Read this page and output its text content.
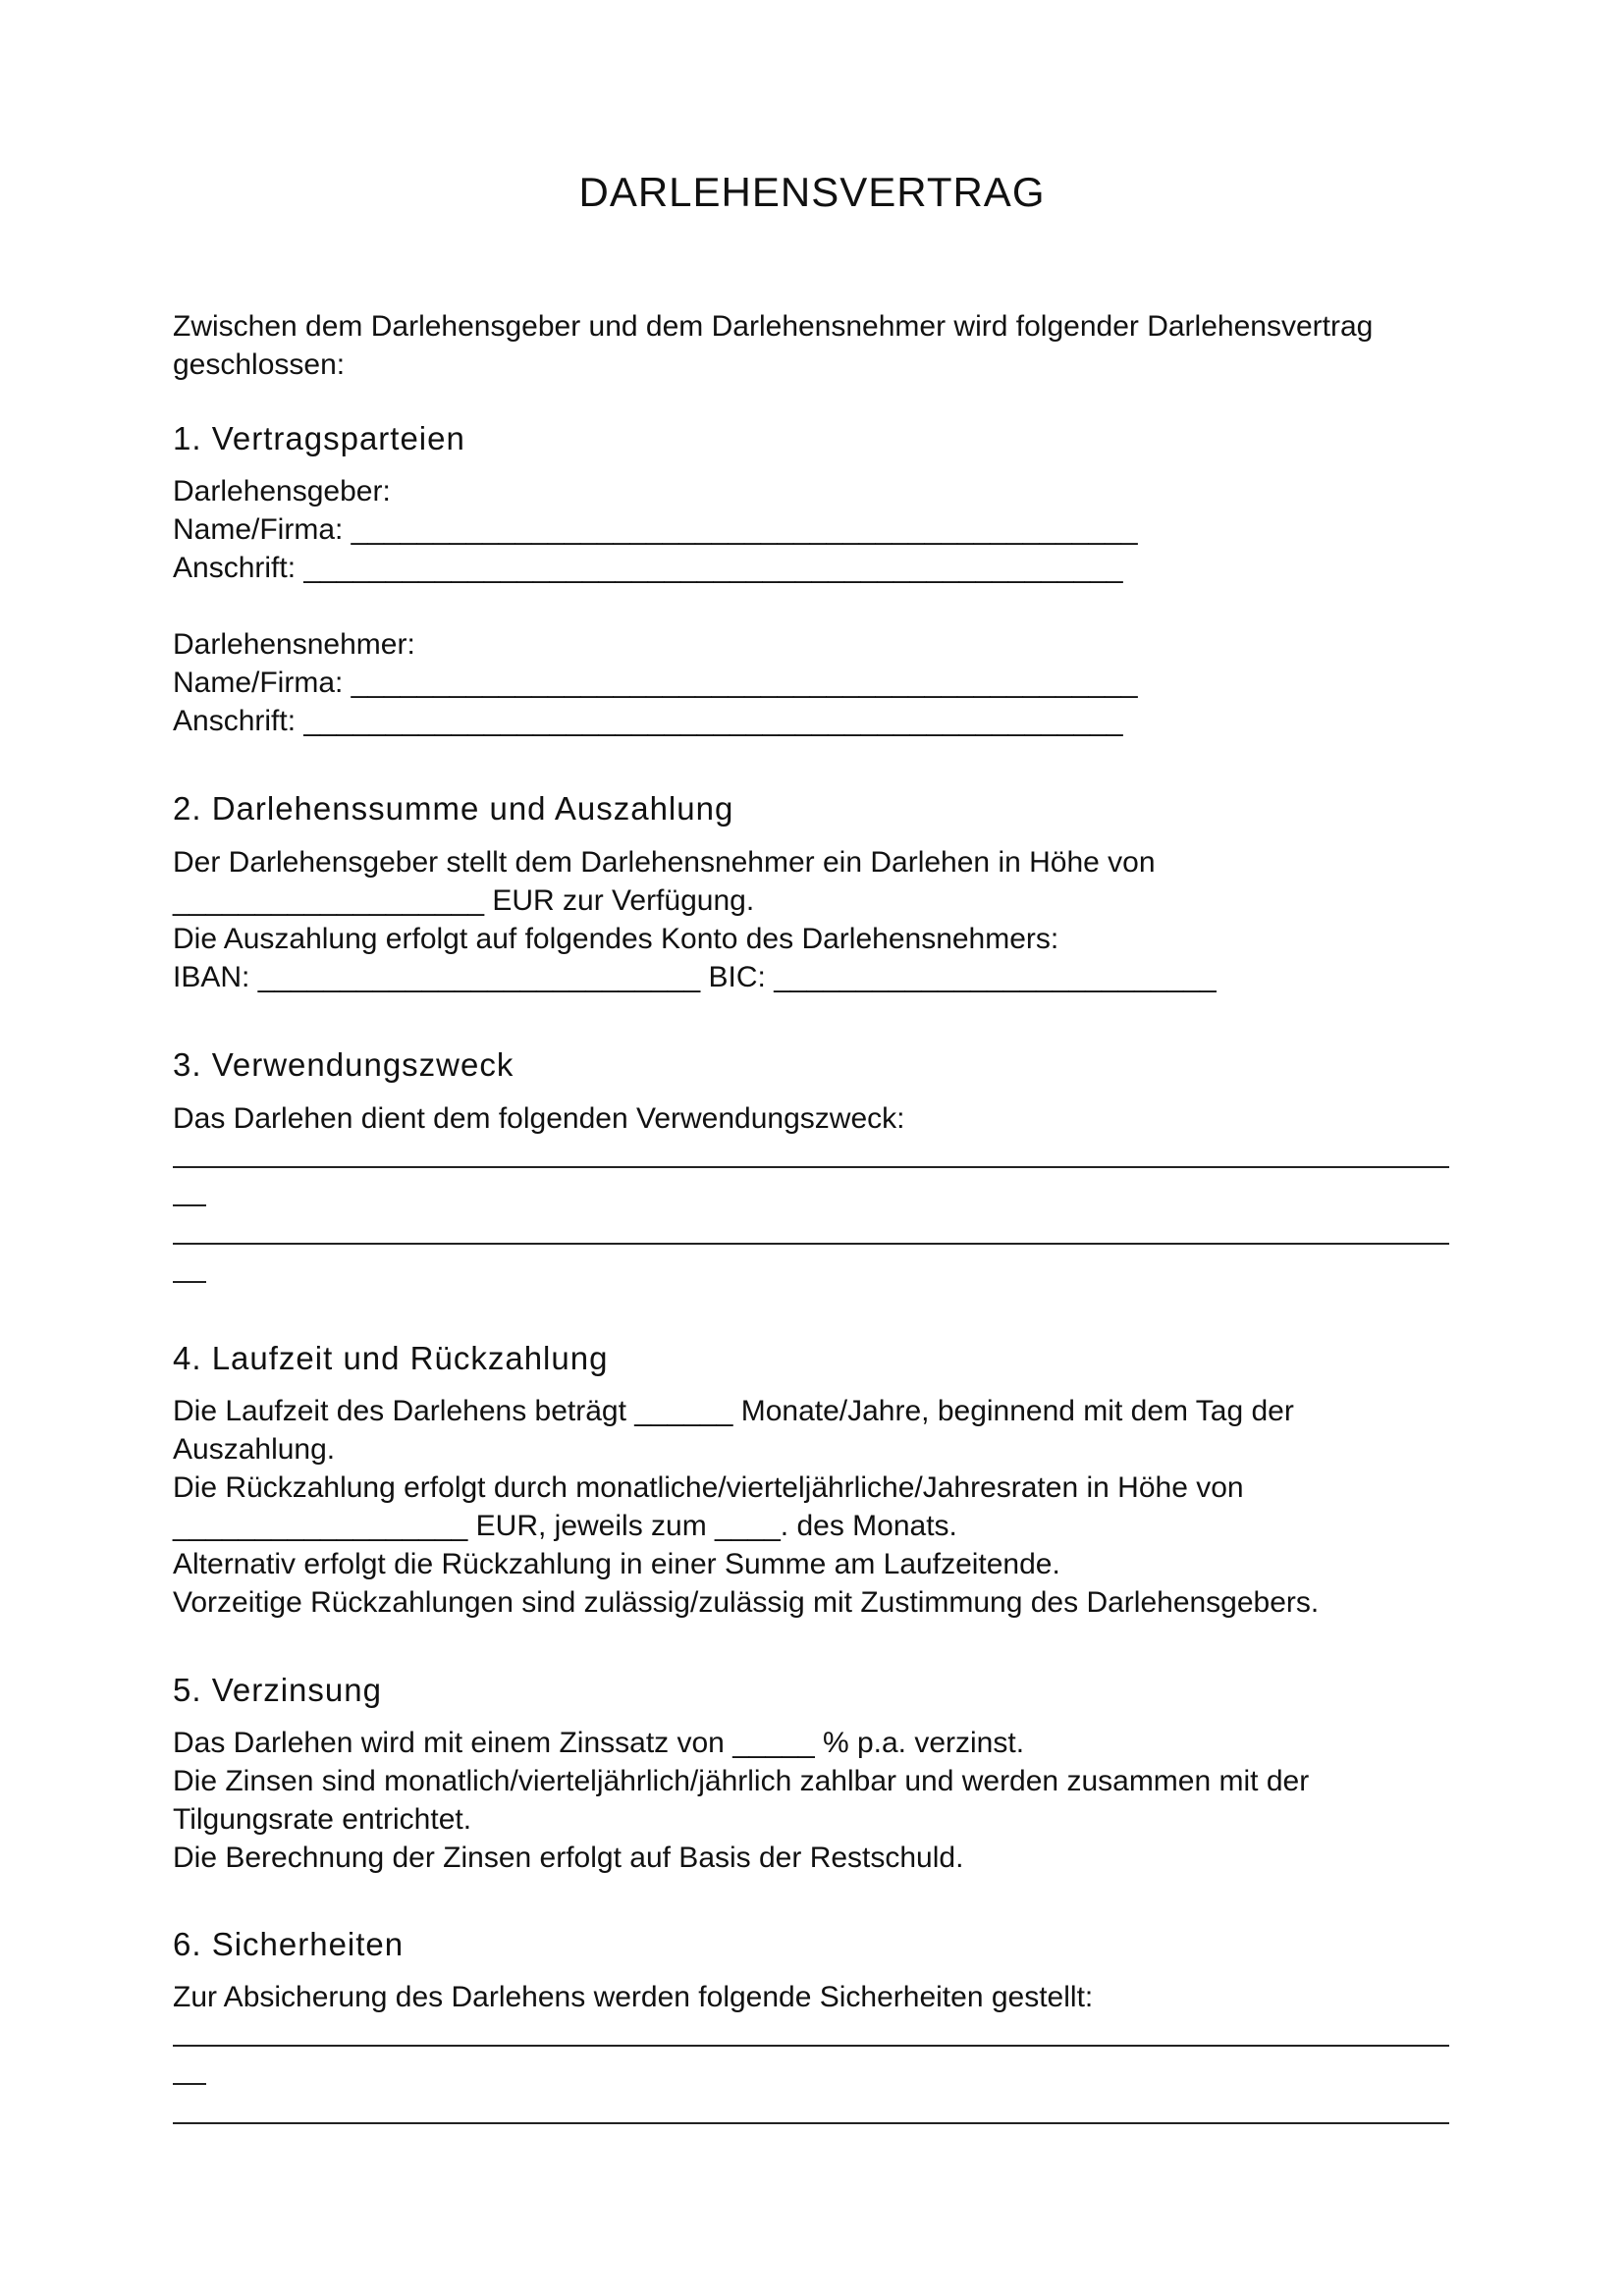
DARLEHENSVERTRAG

Zwischen dem Darlehensgeber und dem Darlehensnehmer wird folgender Darlehensvertrag

geschlossen:

1. Vertragsparteien

Darlehensgeber:

Name/Firma: ________________________________________________

Anschrift: __________________________________________________

Darlehensnehmer:

Name/Firma: ________________________________________________

Anschrift: __________________________________________________

2. Darlehenssumme und Auszahlung

Der Darlehensgeber stellt dem Darlehensnehmer ein Darlehen in Höhe von

___________________ EUR zur Verfügung.

Die Auszahlung erfolgt auf folgendes Konto des Darlehensnehmers:

IBAN: ___________________________ BIC: ___________________________

3. Verwendungszweck

Das Darlehen dient dem folgenden Verwendungszweck:

4. Laufzeit und Rückzahlung

Die Laufzeit des Darlehens beträgt ______ Monate/Jahre, beginnend mit dem Tag der

Auszahlung.

Die Rückzahlung erfolgt durch monatliche/vierteljährliche/Jahresraten in Höhe von

__________________ EUR, jeweils zum ____. des Monats.

Alternativ erfolgt die Rückzahlung in einer Summe am Laufzeitende.

Vorzeitige Rückzahlungen sind zulässig/zulässig mit Zustimmung des Darlehensgebers.

5. Verzinsung

Das Darlehen wird mit einem Zinssatz von _____ % p.a. verzinst.

Die Zinsen sind monatlich/vierteljährlich/jährlich zahlbar und werden zusammen mit der

Tilgungsrate entrichtet.

Die Berechnung der Zinsen erfolgt auf Basis der Restschuld.

6. Sicherheiten

Zur Absicherung des Darlehens werden folgende Sicherheiten gestellt:
